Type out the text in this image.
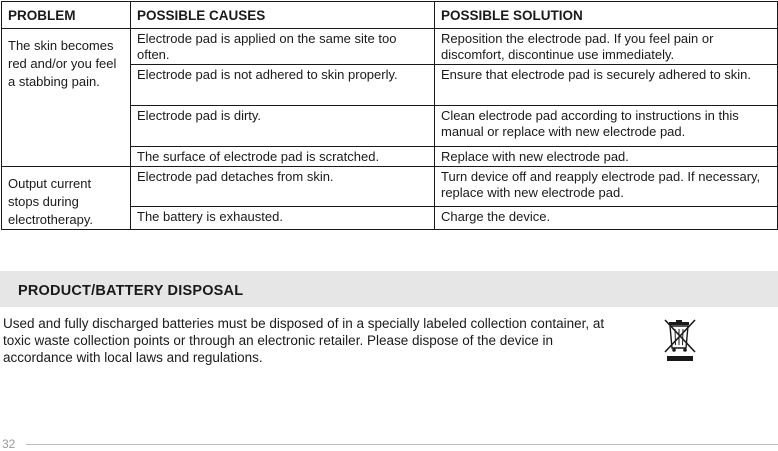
PROBLEM	POSSIBLE CAUSES	POSSIBLE SOLUTION
The skin becomes red and/or you feel a stabbing pain.	Electrode pad is applied on the same site too often.	Reposition the electrode pad. If you feel pain or discomfort, discontinue use immediately.
	Electrode pad is not adhered to skin properly.	Ensure that electrode pad is securely adhered to skin.
	Electrode pad is dirty.	Clean electrode pad according to instructions in this manual or replace with new electrode pad.
	The surface of electrode pad is scratched.	Replace with new electrode pad.
Output current stops during electrotherapy.	Electrode pad detaches from skin.	Turn device off and reapply electrode pad. If necessary, replace with new electrode pad.
	The battery is exhausted.	Charge the device.
PRODUCT/BATTERY DISPOSAL
Used and fully discharged batteries must be disposed of in a specially labeled collection container, at toxic waste collection points or through an electronic retailer. Please dispose of the device in accordance with local laws and regulations.
32
